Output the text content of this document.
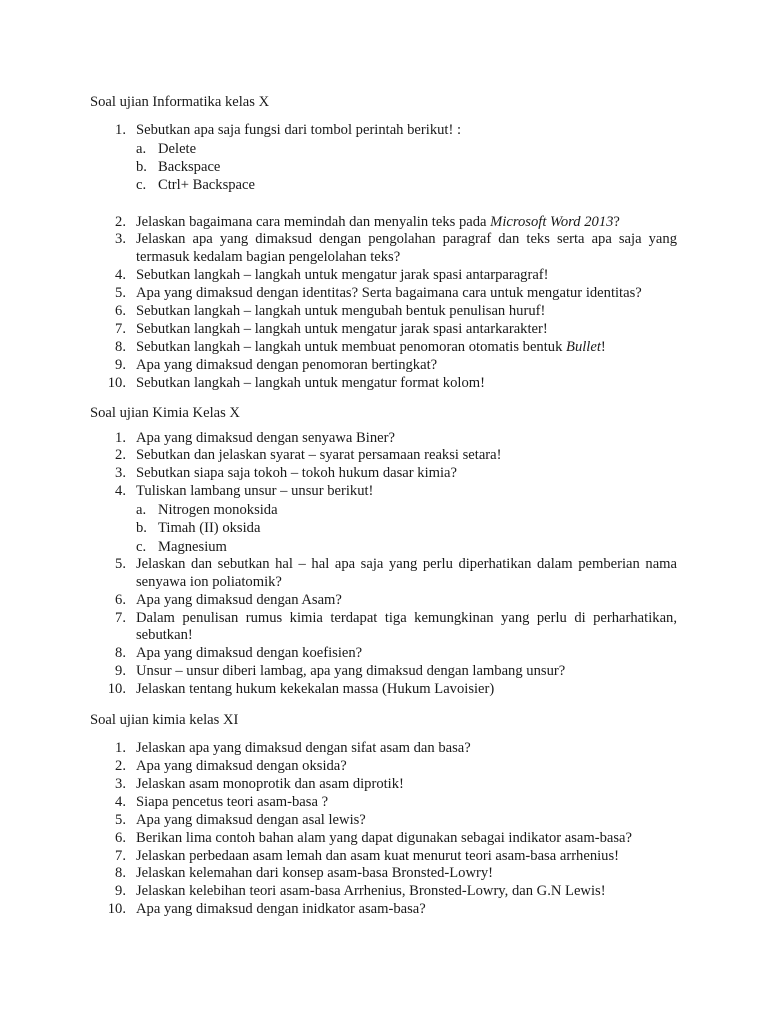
Soal ujian Informatika kelas X
1. Sebutkan apa saja fungsi dari tombol perintah berikut! :
a. Delete
b. Backspace
c. Ctrl+ Backspace
2. Jelaskan bagaimana cara memindah dan menyalin teks pada Microsoft Word 2013?
3. Jelaskan apa yang dimaksud dengan pengolahan paragraf dan teks serta apa saja yang termasuk kedalam bagian pengelolahan teks?
4. Sebutkan langkah – langkah untuk mengatur jarak spasi antarparagraf!
5. Apa yang dimaksud dengan identitas? Serta bagaimana cara untuk mengatur identitas?
6. Sebutkan langkah – langkah untuk mengubah bentuk penulisan huruf!
7. Sebutkan langkah – langkah untuk mengatur jarak spasi antarkarakter!
8. Sebutkan langkah – langkah untuk membuat penomoran otomatis bentuk Bullet!
9. Apa yang dimaksud dengan penomoran bertingkat?
10. Sebutkan langkah – langkah untuk mengatur format kolom!
Soal ujian Kimia Kelas X
1. Apa yang dimaksud dengan senyawa Biner?
2. Sebutkan dan jelaskan syarat – syarat persamaan reaksi setara!
3. Sebutkan siapa saja tokoh – tokoh hukum dasar kimia?
4. Tuliskan lambang unsur – unsur berikut!
a. Nitrogen monoksida
b. Timah (II) oksida
c. Magnesium
5. Jelaskan dan sebutkan hal – hal apa saja yang perlu diperhatikan dalam pemberian nama senyawa ion poliatomik?
6. Apa yang dimaksud dengan Asam?
7. Dalam penulisan rumus kimia terdapat tiga kemungkinan yang perlu di perharhatikan, sebutkan!
8. Apa yang dimaksud dengan koefisien?
9. Unsur – unsur diberi lambag, apa yang dimaksud dengan lambang unsur?
10. Jelaskan tentang hukum kekekalan massa (Hukum Lavoisier)
Soal ujian kimia kelas XI
1. Jelaskan apa yang dimaksud dengan sifat asam dan basa?
2. Apa yang dimaksud dengan oksida?
3. Jelaskan asam monoprotik dan asam diprotik!
4. Siapa pencetus teori asam-basa ?
5. Apa yang dimaksud dengan asal lewis?
6. Berikan lima contoh bahan alam yang dapat digunakan sebagai indikator asam-basa?
7. Jelaskan perbedaan asam lemah dan asam kuat menurut teori asam-basa arrhenius!
8. Jelaskan kelemahan dari konsep asam-basa Bronsted-Lowry!
9. Jelaskan kelebihan teori asam-basa Arrhenius, Bronsted-Lowry, dan G.N Lewis!
10. Apa yang dimaksud dengan inidkator asam-basa?
